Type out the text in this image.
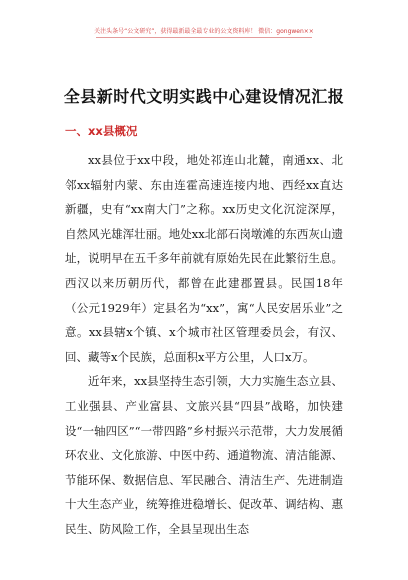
关注头条号“公文研究”，获得最新最全最专业的公文资料库！ 微信：gongwen××
全县新时代文明实践中心建设情况汇报
一、xx县概况

xx县位于xx中段，地处祁连山北麓，南通xx、北邻xx辐射内蒙、东由连霍高速连接内地、西经xx直达新疆，史有“xx南大门”之称。xx历史文化沉淀深厚，自然风光雄浑壮丽。地处xx北部石岗墩滩的东西灰山遗址，说明早在五千多年前就有原始先民在此繁衍生息。西汉以来历朝历代，都曾在此建郡置县。民国18年（公元1929年）定县名为“xx”，寓“人民安居乐业”之意。xx县辖x个镇、x个城市社区管理委员会，有汉、回、藏等x个民族，总面积x平方公里，人口x万。

近年来，xx县坚持生态引领，大力实施生态立县、工业强县、产业富县、文旅兴县“四县”战略，加快建设“一轴四区”“一带四路”乡村振兴示范带，大力发展循环农业、文化旅游、中医中药、通道物流、清洁能源、节能环保、数据信息、军民融合、清洁生产、先进制造十大生态产业，统筹推进稳增长、促改革、调结构、惠民生、防风险工作，全县呈现出生态
